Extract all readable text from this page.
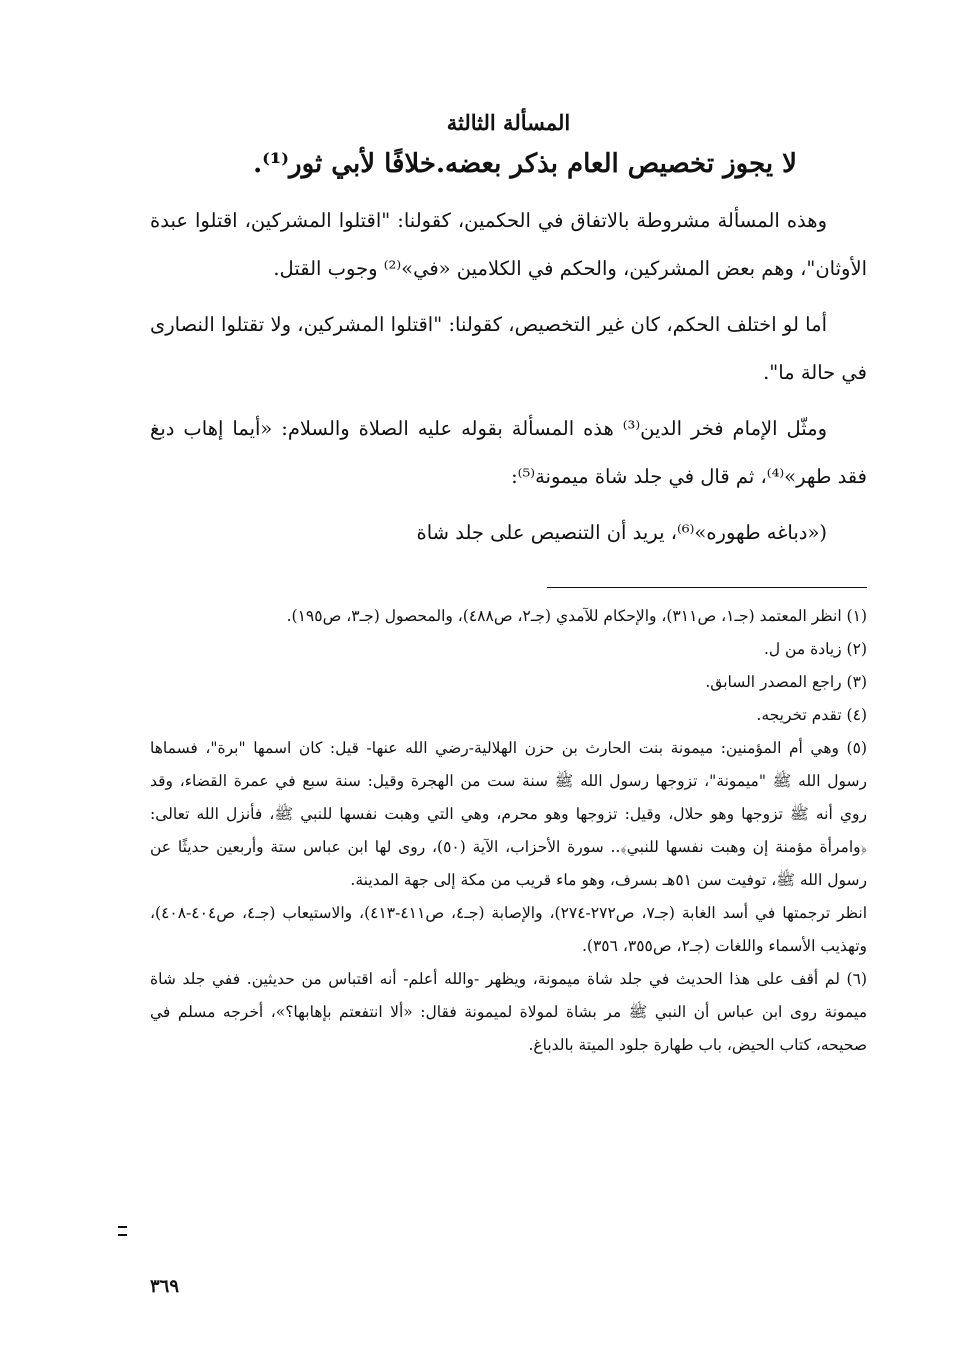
المسألة الثالثة
لا يجوز تخصيص العام بذكر بعضه.خلافًا لأبي ثور⁽¹⁾.

وهذه المسألة مشروطة بالاتفاق في الحكمين، كقولنا: "اقتلوا المشركين، اقتلوا عبدة الأوثان"، وهم بعض المشركين، والحكم في الكلامين «في»⁽²⁾ وجوب القتل.

أما لو اختلف الحكم، كان غير التخصيص، كقولنا: "اقتلوا المشركين، ولا تقتلوا النصارى في حالة ما".

ومثّل الإمام فخر الدين⁽³⁾ هذه المسألة بقوله عليه الصلاة والسلام: «أيما إهاب دبغ فقد طهر»⁽⁴⁾، ثم قال في جلد شاة ميمونة⁽⁵⁾:

(«دباغه طهوره»⁽⁶⁾، يريد أن التنصيص على جلد شاة

(١) انظر المعتمد (جـ١، ص٣١١)، والإحكام للآمدي (جـ٢، ص٤٨٨)، والمحصول (جـ٣، ص١٩٥).

(٢) زيادة من ل.

(٣) راجع المصدر السابق.

(٤) تقدم تخريجه.

(٥) وهي أم المؤمنين: ميمونة بنت الحارث بن حزن الهلالية-رضي الله عنها- قيل: كان اسمها "برة"، فسماها رسول الله ﷺ "ميمونة"، تزوجها رسول الله ﷺ سنة ست من الهجرة وقيل: سنة سبع في عمرة القضاء، وقد روي أنه ﷺ تزوجها وهو حلال، وقيل: تزوجها وهو محرم، وهي التي وهبت نفسها للنبي ﷺ، فأنزل الله تعالى: ﴿وامرأة مؤمنة إن وهبت نفسها للنبي﴾.. سورة الأحزاب، الآية (٥٠)، روى لها ابن عباس ستة وأربعين حديثًا عن رسول الله ﷺ، توفيت سن ٥١هـ بسرف، وهو ماء قريب من مكة إلى جهة المدينة.

انظر ترجمتها في أسد الغابة (جـ٧، ص٢٧٢-٢٧٤)، والإصابة (جـ٤، ص٤١١-٤١٣)، والاستيعاب (جـ٤، ص٤٠٤-٤٠٨)، وتهذيب الأسماء واللغات (جـ٢، ص٣٥٥، ٣٥٦).

(٦) لم أقف على هذا الحديث في جلد شاة ميمونة، ويظهر -والله أعلم- أنه اقتباس من حديثين. ففي جلد شاة ميمونة روى ابن عباس أن النبي ﷺ مر بشاة لمولاة لميمونة فقال: «ألا انتفعتم بإهابها؟»، أخرجه مسلم في صحيحه، كتاب الحيض، باب طهارة جلود الميتة بالدباغ.

٣٦٩
